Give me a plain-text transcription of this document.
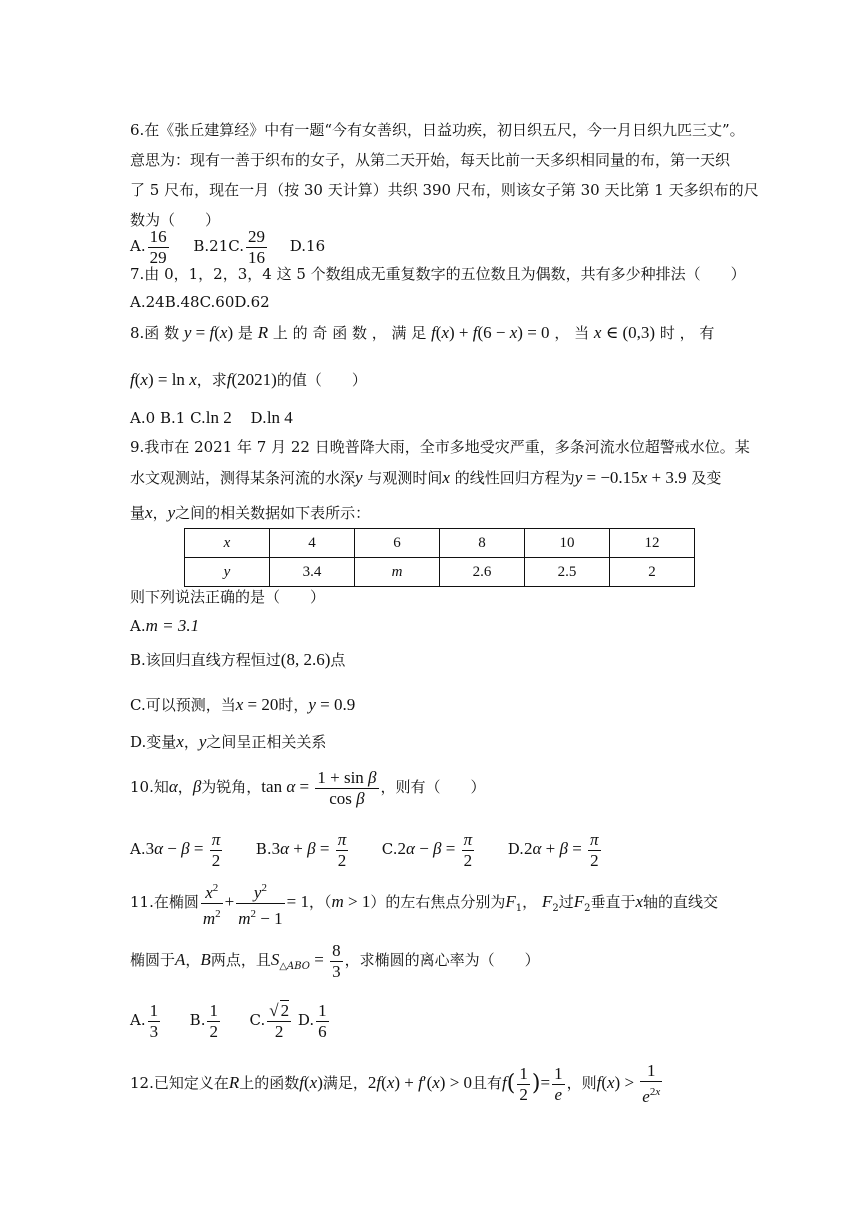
6.在《张丘建算经》中有一题“今有女善织，日益功疾，初日织五尺，今一月日织九匹三丈”。
意思为：现有一善于织布的女子，从第二天开始，每天比前一天多织相同量的布，第一天织
了 5 尺布，现在一月（按 30 天计算）共织 390 尺布，则该女子第 30 天比第 1 天多织布的尺
数为（　　）
A. $\frac{16}{29} B.21C$. $\frac{29}{16} D.16$
7.由 0，1，2，3，4 这 5 个数组成无重复数字的五位数且为偶数，共有多少种排法（　　）
A.24B.48C.60D.62
8.函 数 y = f(x) 是 R 上 的 奇 函 数 ， 满 足 f(x) + f(6 − x) = 0 ， 当 x ∈ (0,3) 时 ， 有
f(x) = ln x，求f(2021)的值（　　）
A.0 B.1 C.ln 2 D.ln 4
9.我市在 2021 年 7 月 22 日晚普降大雨，全市多地受灾严重，多条河流水位超警戒水位。某
水文观测站，测得某条河流的水深y 与观测时间x 的线性回归方程为y = −0.15x + 3.9 及变
量x，y之间的相关数据如下表所示：
x	4	6	8	10	12
y	3.4	m	2.6	2.5	2
则下列说法正确的是（　　）
A.m = 3.1
B.该回归直线方程恒过(8, 2.6)点
C.可以预测，当x = 20时，y = 0.9
D.变量x，y之间呈正相关关系
10.知α，β为锐角，$\tan \alpha = \frac{\text{1 + sin β}}{\text{cos β}}$ ，则有（　　）
$A.3\alpha - \beta = \frac{\pi}{2} B.3\alpha + \beta = \frac{\pi}{2} C.2\alpha - \beta = \frac{\pi}{2} D.2\alpha + \beta = \frac{\pi}{2}$
11.在椭圆 $\frac{x^2}{m^2} + \frac{y^2}{m^2 - 1} = 1$，（m > 1）的左右焦点分别为$F_1$， $F_2$过$F_2$垂直于x轴的直线交
椭圆于A，B两点，且$S_{\triangle ABO} = \frac{8}{3}$ ，求椭圆的离心率为（　　）
A. $\frac{1}{3} B$. $\frac{1}{2} C$. $\frac{√ 2}{2} D$. $\frac{1}{6}$
12.已知定义在R上的函数f(x)满足，2f(x) + f′(x) > 0且有$f( \frac{1}{2}$ )= $\frac{1}{e}$ ，则$f(x) > \frac{1}{e^{2x}}$
